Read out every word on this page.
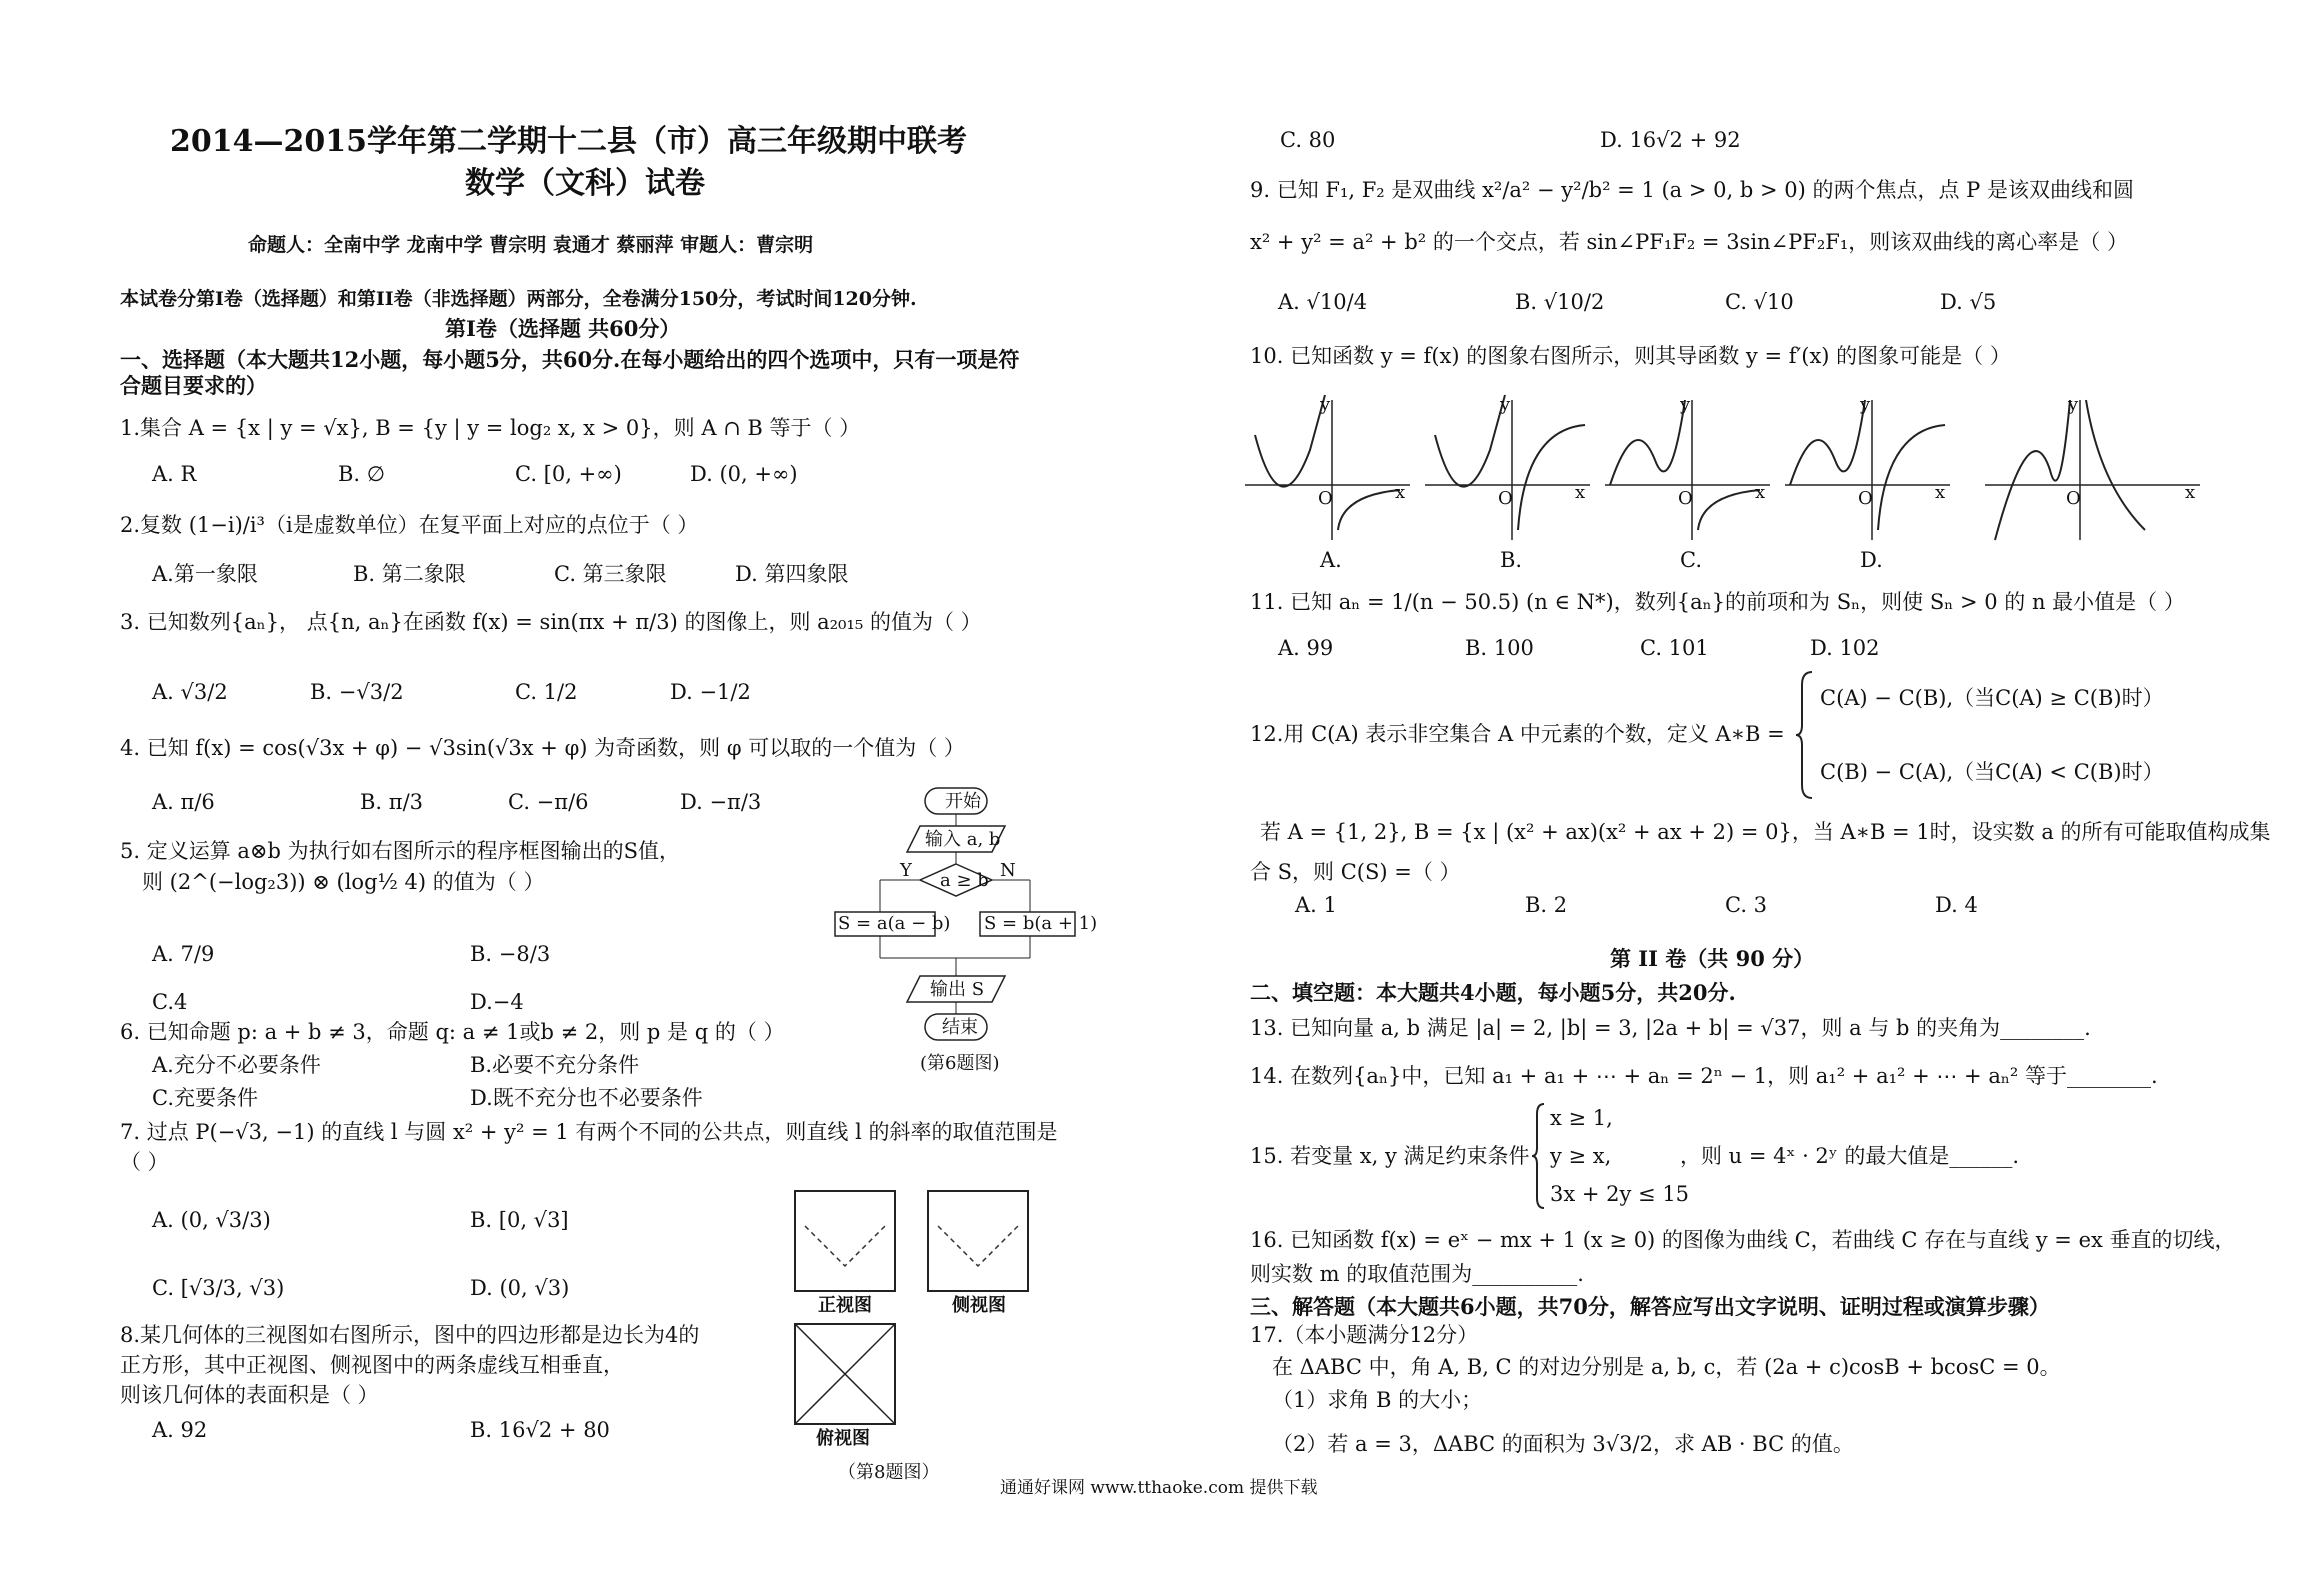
2014—2015学年第二学期十二县（市）高三年级期中联考
数学（文科）试卷
命题人：全南中学 龙南中学 曹宗明 袁通才 蔡丽萍 审题人：曹宗明
本试卷分第I卷（选择题）和第II卷（非选择题）两部分，全卷满分150分，考试时间120分钟.
第I卷（选择题 共60分）
一、选择题（本大题共12小题，每小题5分，共60分.在每小题给出的四个选项中，只有一项是符
合题目要求的）
1.集合 A = {x | y = √x}, B = {y | y = log₂ x, x > 0}，则 A ∩ B 等于（ ）
A. R	B. ∅	C. [0, +∞)	D. (0, +∞)
2.复数 (1−i)/i³（i是虚数单位）在复平面上对应的点位于（ ）
A.第一象限	B. 第二象限	C. 第三象限	D. 第四象限
3. 已知数列{aₙ}， 点{n, aₙ}在函数 f(x) = sin(πx + π/3) 的图像上，则 a₂₀₁₅ 的值为（ ）
A. √3/2	B. −√3/2	C. 1/2	D. −1/2
4. 已知 f(x) = cos(√3x + φ) − √3sin(√3x + φ) 为奇函数，则 φ 可以取的一个值为（ ）
A. π/6	B. π/3	C. −π/6	D. −π/3
5. 定义运算 a⊗b 为执行如右图所示的程序框图输出的S值，
则 (2^(−log₂3)) ⊗ (log½ 4) 的值为（ ）
A. 7/9	B. −8/3
C.4	D.−4
6. 已知命题 p: a + b ≠ 3，命题 q: a ≠ 1或b ≠ 2，则 p 是 q 的（ ）
A.充分不必要条件	B.必要不充分条件
C.充要条件	D.既不充分也不必要条件
7. 过点 P(−√3, −1) 的直线 l 与圆 x² + y² = 1 有两个不同的公共点，则直线 l 的斜率的取值范围是
（ ）
A. (0, √3/3)	B. [0, √3]
C. [√3/3, √3)	D. (0, √3)
8.某几何体的三视图如右图所示，图中的四边形都是边长为4的
正方形，其中正视图、侧视图中的两条虚线互相垂直，
则该几何体的表面积是（ ）
A. 92	B. 16√2 + 80
开始
输入 a, b
a ≥ b
Y	N
S = a(a − b) S = b(a + 1)
输出 S
结束
(第6题图)
正视图	侧视图
俯视图
（第8题图）
C. 80	D. 16√2 + 92
9. 已知 F₁, F₂ 是双曲线 x²/a² − y²/b² = 1 (a > 0, b > 0) 的两个焦点，点 P 是该双曲线和圆
x² + y² = a² + b² 的一个交点，若 sin∠PF₁F₂ = 3sin∠PF₂F₁，则该双曲线的离心率是（ ）
A. √10/4	B. √10/2	C. √10	D. √5
10. 已知函数 y = f(x) 的图象右图所示，则其导函数 y = f′(x) 的图象可能是（ ）
y
O	x
y
O	x
y
O	x
y
O	x
y
O	x
A.	B.	C.	D.
11. 已知 aₙ = 1/(n − 50.5) (n ∈ N*)，数列{aₙ}的前项和为 Sₙ，则使 Sₙ > 0 的 n 最小值是（ ）
A. 99	B. 100	C. 101	D. 102
12.用 C(A) 表示非空集合 A 中元素的个数，定义 A∗B =
C(A) − C(B),（当C(A) ≥ C(B)时）
C(B) − C(A),（当C(A) < C(B)时）
若 A = {1, 2}, B = {x | (x² + ax)(x² + ax + 2) = 0}，当 A∗B = 1时，设实数 a 的所有可能取值构成集
合 S，则 C(S) =（ ）
A. 1	B. 2	C. 3	D. 4
第 II 卷（共 90 分）
二、填空题：本大题共4小题，每小题5分，共20分.
13. 已知向量 a, b 满足 |a| = 2, |b| = 3, |2a + b| = √37，则 a 与 b 的夹角为________.
14. 在数列{aₙ}中，已知 a₁ + a₁ + ⋯ + aₙ = 2ⁿ − 1，则 a₁² + a₁² + ⋯ + aₙ² 等于________.
15. 若变量 x, y 满足约束条件
x ≥ 1,
y ≥ x,
3x + 2y ≤ 15
，则 u = 4ˣ · 2ʸ 的最大值是______.
16. 已知函数 f(x) = eˣ − mx + 1 (x ≥ 0) 的图像为曲线 C，若曲线 C 存在与直线 y = ex 垂直的切线，
则实数 m 的取值范围为__________.
三、解答题（本大题共6小题，共70分，解答应写出文字说明、证明过程或演算步骤）
17.（本小题满分12分）
在 ΔABC 中，角 A, B, C 的对边分别是 a, b, c，若 (2a + c)cosB + bcosC = 0。
（1）求角 B 的大小；
（2）若 a = 3，ΔABC 的面积为 3√3/2，求 AB · BC 的值。
通通好课网 www.tthaoke.com 提供下载
